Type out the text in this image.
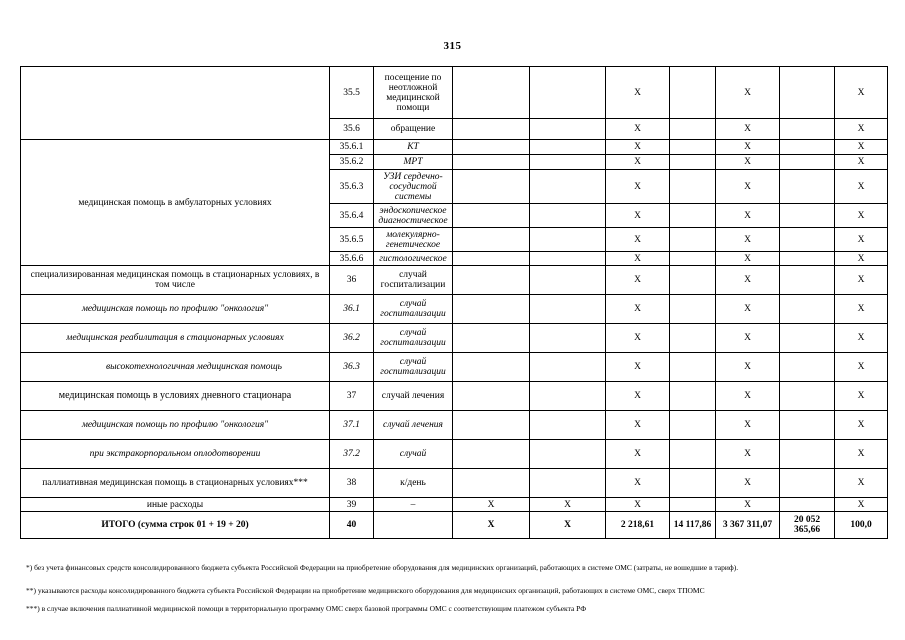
315
	35.5	посещение по неотложной медицинской помощи			X		X		X
	35.6	обращение			X		X		X
медицинская помощь в амбулаторных условиях	35.6.1	КТ			X		X		X
	35.6.2	МРТ			X		X		X
	35.6.3	УЗИ сердечно-сосудистой системы			X		X		X
	35.6.4	эндоскопическое диагностическое			X		X		X
	35.6.5	молекулярно-генетическое			X		X		X
	35.6.6	гистологическое			X		X		X
специализированная медицинская помощь в стационарных условиях, в том числе	36	случай госпитализации			X		X		X
медицинская помощь по профилю "онкология"	36.1	случай госпитализации			X		X		X
медицинская реабилитация в стационарных условиях	36.2	случай госпитализации			X		X		X
высокотехнологичная медицинская помощь	36.3	случай госпитализации			X		X		X
медицинская помощь в условиях дневного стационара	37	случай лечения			X		X		X
медицинская помощь по профилю "онкология"	37.1	случай лечения			X		X		X
при экстракорпоральном оплодотворении	37.2	случай			X		X		X
паллиативная медицинская помощь в стационарных условиях***	38	к/день			X		X		X
иные расходы	39	–	X	X	X		X		X
ИТОГО (сумма строк 01 + 19 + 20)	40		X	X	2 218,61	14 117,86	3 367 311,07	20 052 365,66	100,0
*) без учета финансовых средств консолидированного бюджета субъекта Российской Федерации на приобретение оборудования для медицинских организаций, работающих в системе ОМС (затраты, не вошедшие в тариф).
**) указываются расходы консолидированного бюджета субъекта Российской Федерации на приобретение медицинского оборудования для медицинских организаций, работающих в системе ОМС, сверх ТПОМС
***) в случае включения паллиативной медицинской помощи в территориальную программу ОМС сверх базовой программы ОМС с соответствующим платежом субъекта РФ
